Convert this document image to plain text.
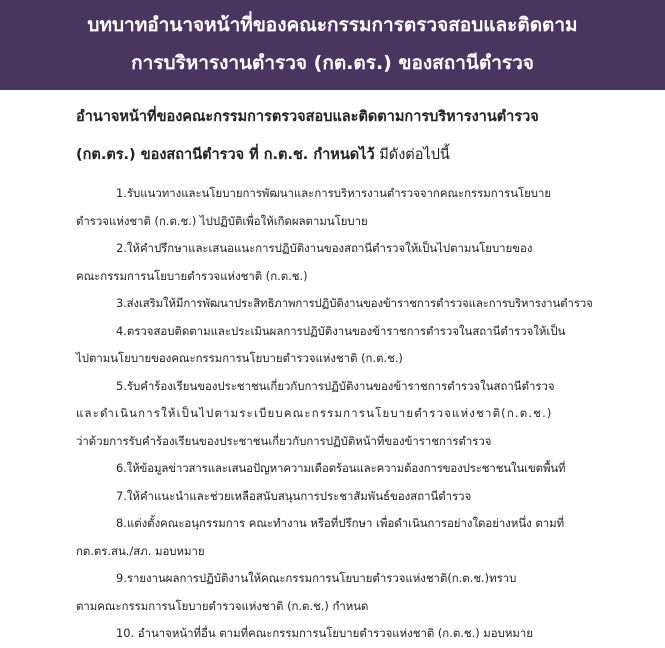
บทบาทอำนาจหน้าที่ของคณะกรรมการตรวจสอบและติดตาม
การบริหารงานตำรวจ (กต.ตร.) ของสถานีตำรวจ
อำนาจหน้าที่ของคณะกรรมการตรวจสอบและติดตามการบริหารงานตำรวจ
(กต.ตร.) ของสถานีตำรวจ ที่ ก.ต.ช. กำหนดไว้ มีดังต่อไปนี้

1.รับแนวทางและนโยบายการพัฒนาและการบริหารงานตำรวจจากคณะกรรมการนโยบาย

ตำรวจแห่งชาติ (ก.ต.ช.) ไปปฏิบัติเพื่อให้เกิดผลตามนโยบาย

2.ให้คำปรึกษาและเสนอแนะการปฏิบัติงานของสถานีตำรวจให้เป็นไปตามนโยบายของ

คณะกรรมการนโยบายตำรวจแห่งชาติ (ก.ต.ช.)

3.ส่งเสริมให้มีการพัฒนาประสิทธิภาพการปฏิบัติงานของข้าราชการตำรวจและการบริหารงานตำรวจ

4.ตรวจสอบติดตามและประเมินผลการปฏิบัติงานของข้าราชการตำรวจในสถานีตำรวจให้เป็น

ไปตามนโยบายของคณะกรรมการนโยบายตำรวจแห่งชาติ (ก.ต.ช.)

5.รับคำร้องเรียนของประชาชนเกี่ยวกับการปฏิบัติงานของข้าราชการตำรวจในสถานีตำรวจ

และดำเนินการให้เป็นไปตามระเบียบคณะกรรมการนโยบายตำรวจแห่งชาติ(ก.ต.ช.)

ว่าด้วยการรับคำร้องเรียนของประชาชนเกี่ยวกับการปฏิบัติหน้าที่ของข้าราชการตำรวจ

6.ให้ข้อมูลข่าวสารและเสนอปัญหาความเดือดร้อนและความต้องการของประชาชนในเขตพื้นที่

7.ให้คำแนะนำและช่วยเหลือสนับสนุนการประชาสัมพันธ์ของสถานีตำรวจ

8.แต่งตั้งคณะอนุกรรมการ คณะทำงาน หรือที่ปรึกษา เพื่อดำเนินการอย่างใดอย่างหนึ่ง ตามที่

กต.ตร.สน./สภ. มอบหมาย

9.รายงานผลการปฏิบัติงานให้คณะกรรมการนโยบายตำรวจแห่งชาติ(ก.ต.ช.)ทราบ

ตามคณะกรรมการนโยบายตำรวจแห่งชาติ (ก.ต.ช.) กำหนด

10. อำนาจหน้าที่อื่น ตามที่คณะกรรมการนโยบายตำรวจแห่งชาติ (ก.ต.ช.) มอบหมาย
